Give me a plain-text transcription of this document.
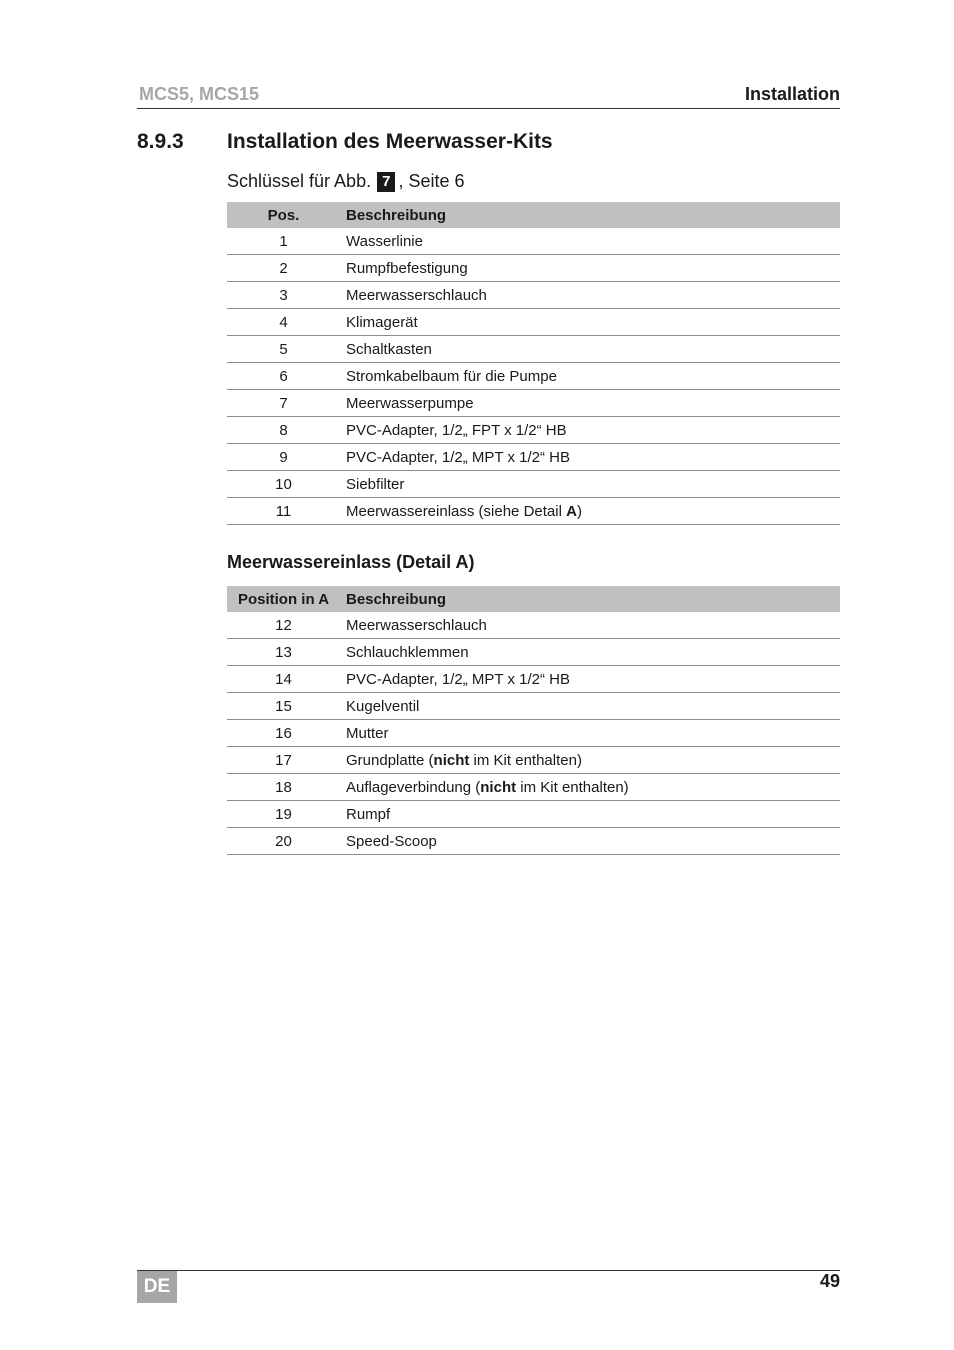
MCS5, MCS15	Installation
8.9.3 Installation des Meerwasser-Kits
Schlüssel für Abb. 7 , Seite 6
Pos.	Beschreibung
1	Wasserlinie
2	Rumpfbefestigung
3	Meerwasserschlauch
4	Klimagerät
5	Schaltkasten
6	Stromkabelbaum für die Pumpe
7	Meerwasserpumpe
8	PVC-Adapter, 1/2„ FPT x 1/2“ HB
9	PVC-Adapter, 1/2„ MPT x 1/2“ HB
10	Siebfilter
11	Meerwassereinlass (siehe Detail A)
Meerwassereinlass (Detail A)
Position in A	Beschreibung
12	Meerwasserschlauch
13	Schlauchklemmen
14	PVC-Adapter, 1/2„ MPT x 1/2“ HB
15	Kugelventil
16	Mutter
17	Grundplatte (nicht im Kit enthalten)
18	Auflageverbindung (nicht im Kit enthalten)
19	Rumpf
20	Speed-Scoop
DE	49
